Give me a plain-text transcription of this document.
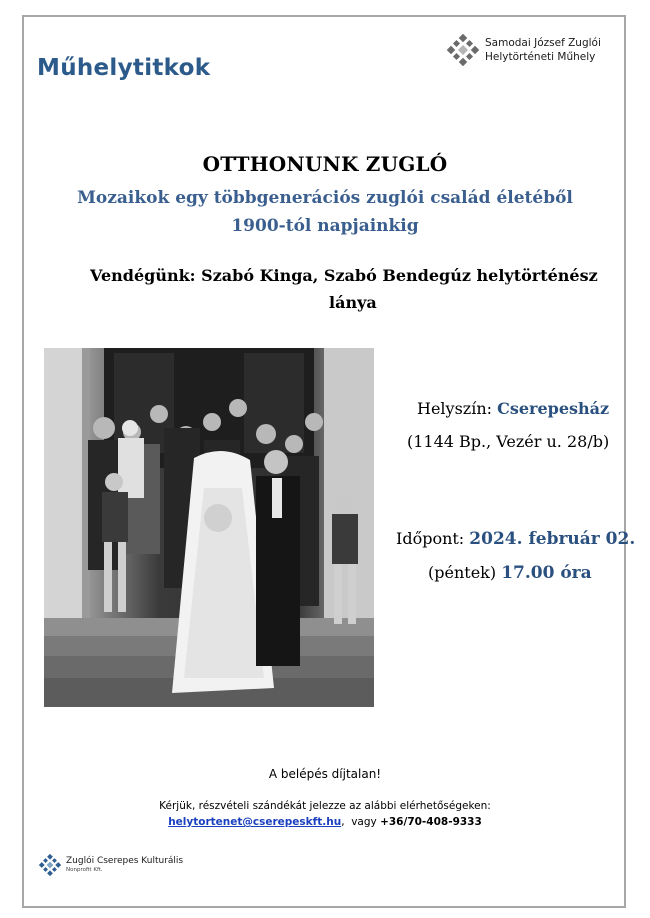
Műhelytitkok
Samodai József Zuglói
Helytörténeti Műhely
OTTHONUNK ZUGLÓ
Mozaikok egy többgenerációs zuglói család életéből
1900-tól napjainkig
Vendégünk: Szabó Kinga, Szabó Bendegúz helytörténész
lánya
Helyszín: Cserepesház
(1144 Bp., Vezér u. 28/b)
Időpont: 2024. február 02.
(péntek) 17.00 óra
A belépés díjtalan!
Kérjük, részvételi szándékát jelezze az alábbi elérhetőségeken:
helytortenet@cserepeskft.hu,  vagy +36/70-408-9333
Zuglói Cserepes Kulturális
Nonprofit Kft.
